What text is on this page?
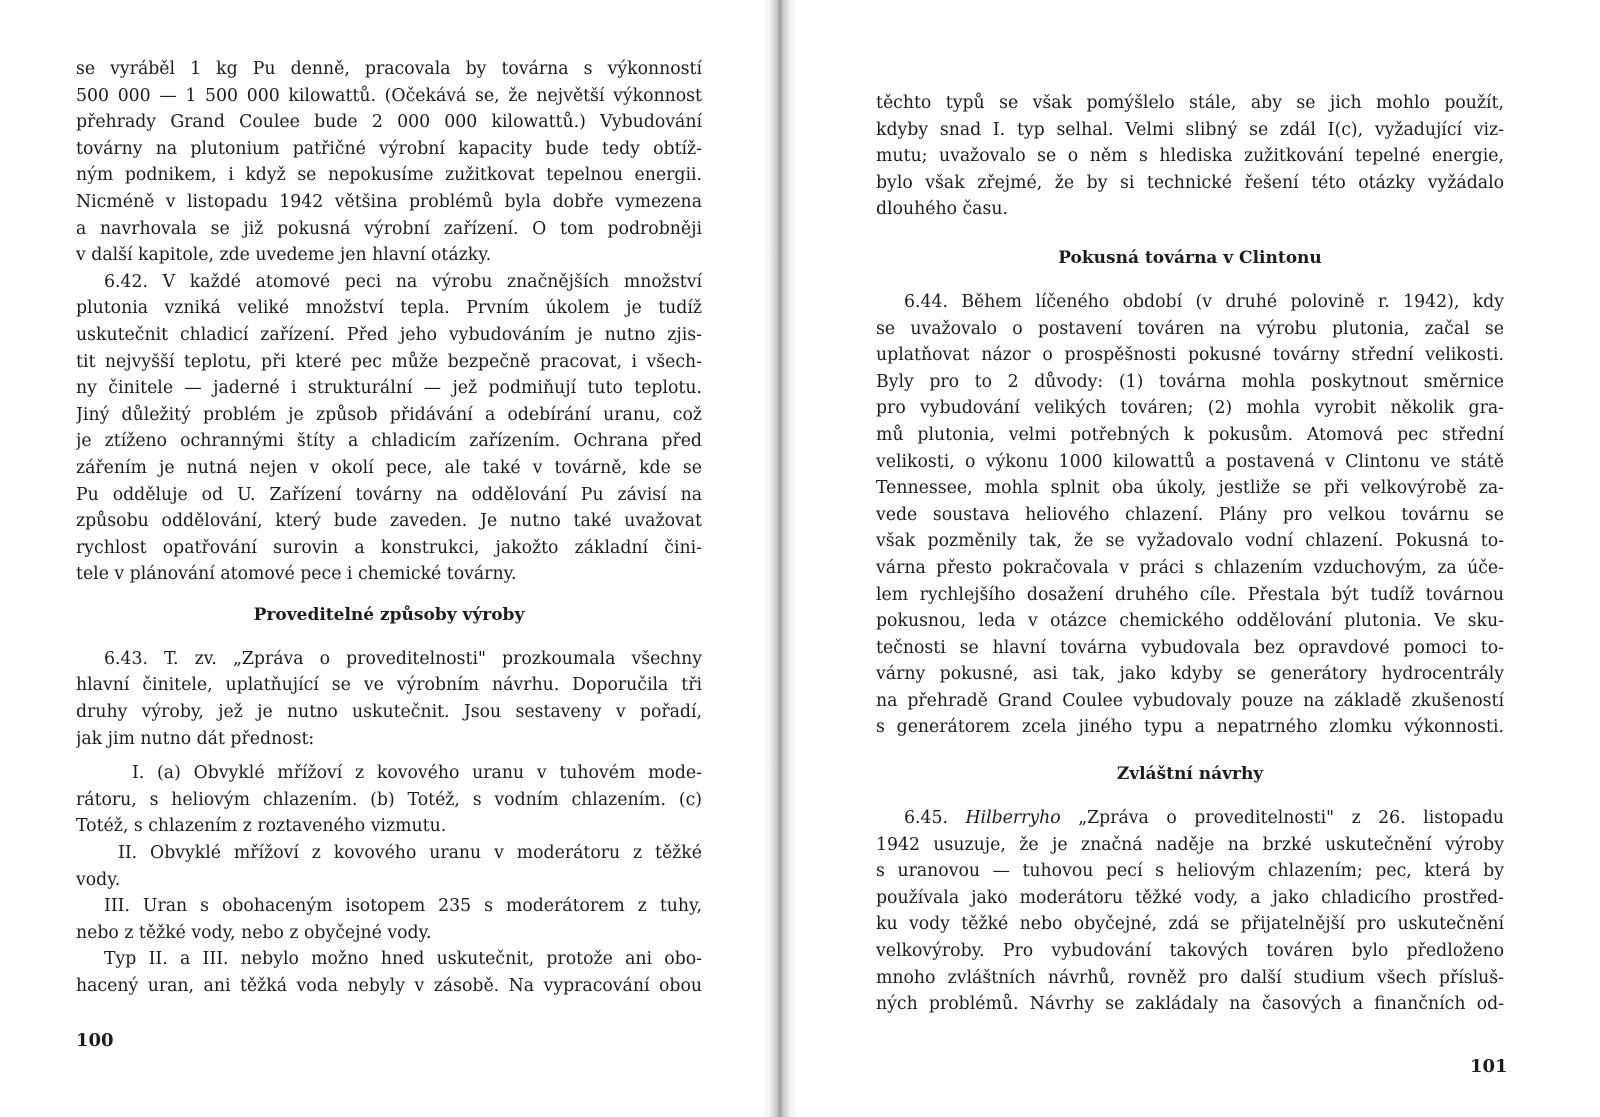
se vyráběl 1 kg Pu denně, pracovala by továrna s výkonností
500 000 — 1 500 000 kilowattů. (Očekává se, že největší výkonnost
přehrady Grand Coulee bude 2 000 000 kilowattů.) Vybudování
továrny na plutonium patřičné výrobní kapacity bude tedy obtíž-
ným podnikem, i když se nepokusíme zužitkovat tepelnou energii.
Nicméně v listopadu 1942 většina problémů byla dobře vymezena
a navrhovala se již pokusná výrobní zařízení. O tom podrobněji
v další kapitole, zde uvedeme jen hlavní otázky.
6.42. V každé atomové peci na výrobu značnějších množství
plutonia vzniká veliké množství tepla. Prvním úkolem je tudíž
uskutečnit chladicí zařízení. Před jeho vybudováním je nutno zjis-
tit nejvyšší teplotu, při které pec může bezpečně pracovat, i všech-
ny činitele — jaderné i strukturální — jež podmiňují tuto teplotu.
Jiný důležitý problém je způsob přidávání a odebírání uranu, což
je ztíženo ochrannými štíty a chladicím zařízením. Ochrana před
zářením je nutná nejen v okolí pece, ale také v továrně, kde se
Pu odděluje od U. Zařízení továrny na oddělování Pu závisí na
způsobu oddělování, který bude zaveden. Je nutno také uvažovat
rychlost opatřování surovin a konstrukci, jakožto základní čini-
tele v plánování atomové pece i chemické továrny.
Proveditelné způsoby výroby
6.43. T. zv. „Zpráva o proveditelnosti" prozkoumala všechny
hlavní činitele, uplatňující se ve výrobním návrhu. Doporučila tři
druhy výroby, jež je nutno uskutečnit. Jsou sestaveny v pořadí,
jak jim nutno dát přednost:
I. (a) Obvyklé mřížoví z kovového uranu v tuhovém mode-
rátoru, s heliovým chlazením. (b) Totéž, s vodním chlazením. (c)
Totéž, s chlazením z roztaveného vizmutu.
II. Obvyklé mřížoví z kovového uranu v moderátoru z těžké
vody.
III. Uran s obohaceným isotopem 235 s moderátorem z tuhy,
nebo z těžké vody, nebo z obyčejné vody.
Typ II. a III. nebylo možno hned uskutečnit, protože ani obo-
hacený uran, ani těžká voda nebyly v zásobě. Na vypracování obou
100
těchto typů se však pomýšlelo stále, aby se jich mohlo použít,
kdyby snad I. typ selhal. Velmi slibný se zdál I(c), vyžadující viz-
mutu; uvažovalo se o něm s hlediska zužitkování tepelné energie,
bylo však zřejmé, že by si technické řešení této otázky vyžádalo
dlouhého času.
Pokusná továrna v Clintonu
6.44. Během líčeného období (v druhé polovině r. 1942), kdy
se uvažovalo o postavení továren na výrobu plutonia, začal se
uplatňovat názor o prospěšnosti pokusné továrny střední velikosti.
Byly pro to 2 důvody: (1) továrna mohla poskytnout směrnice
pro vybudování velikých továren; (2) mohla vyrobit několik gra-
mů plutonia, velmi potřebných k pokusům. Atomová pec střední
velikosti, o výkonu 1000 kilowattů a postavená v Clintonu ve státě
Tennessee, mohla splnit oba úkoly, jestliže se při velkovýrobě za-
vede soustava heliového chlazení. Plány pro velkou továrnu se
však pozměnily tak, že se vyžadovalo vodní chlazení. Pokusná to-
várna přesto pokračovala v práci s chlazením vzduchovým, za úče-
lem rychlejšího dosažení druhého cíle. Přestala být tudíž továrnou
pokusnou, leda v otázce chemického oddělování plutonia. Ve sku-
tečnosti se hlavní továrna vybudovala bez opravdové pomoci to-
várny pokusné, asi tak, jako kdyby se generátory hydrocentrály
na přehradě Grand Coulee vybudovaly pouze na základě zkušeností
s generátorem zcela jiného typu a nepatrného zlomku výkonnosti.
Zvláštní návrhy
6.45. Hilberryho „Zpráva o proveditelnosti" z 26. listopadu
1942 usuzuje, že je značná naděje na brzké uskutečnění výroby
s uranovou — tuhovou pecí s heliovým chlazením; pec, která by
používala jako moderátoru těžké vody, a jako chladicího prostřed-
ku vody těžké nebo obyčejné, zdá se přijatelnější pro uskutečnění
velkovýroby. Pro vybudování takových továren bylo předloženo
mnoho zvláštních návrhů, rovněž pro další studium všech přísluš-
ných problémů. Návrhy se zakládaly na časových a finančních od-
101
